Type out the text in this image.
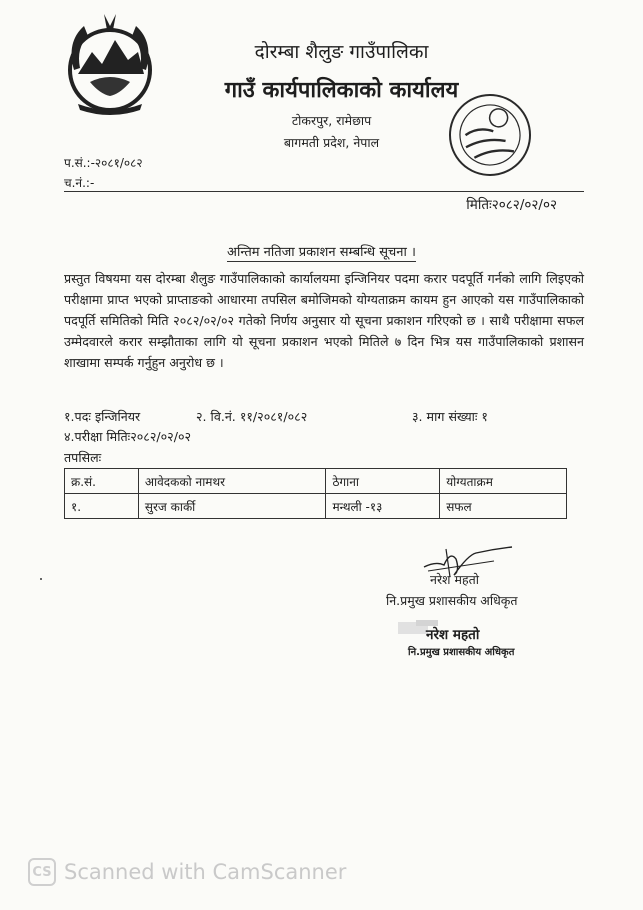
दोरम्बा शैलुङ गाउँपालिका
गाउँ कार्यपालिकाको कार्यालय
टोकरपुर, रामेछाप
बागमती प्रदेश, नेपाल
प.सं.:-२०८१/०८२
च.नं.:-
मितिः२०८२/०२/०२
अन्तिम नतिजा प्रकाशन सम्बन्धि सूचना ।
प्रस्तुत विषयमा यस दोरम्बा शैलुङ गाउँपालिकाको कार्यालयमा इन्जिनियर पदमा करार पदपूर्ति गर्नको लागि लिइएको परीक्षामा प्राप्त भएको प्राप्ताङको आधारमा तपसिल बमोजिमको योग्यताक्रम कायम हुन आएको यस गाउँपालिकाको पदपूर्ति समितिको मिति २०८२/०२/०२ गतेको निर्णय अनुसार यो सूचना प्रकाशन गरिएको छ । साथै परीक्षामा सफल उम्मेदवारले करार सम्झौताका लागि यो सूचना प्रकाशन भएको मितिले ७ दिन भित्र यस गाउँपालिकाको प्रशासन शाखामा सम्पर्क गर्नुहुन अनुरोध छ ।
१.पदः इन्जिनियर	२. वि.नं. ११/२०८१/०८२	३. माग संख्याः १
४.परीक्षा मितिः२०८२/०२/०२
तपसिलः
क्र.सं.	आवेदकको नामथर	ठेगाना	योग्यताक्रम
१.	सुरज कार्की	मन्थली -१३	सफल
नरेश महतो
नि.प्रमुख प्रशासकीय अधिकृत
नरेश महतो
नि.प्रमुख प्रशासकीय अधिकृत
CS Scanned with CamScanner
